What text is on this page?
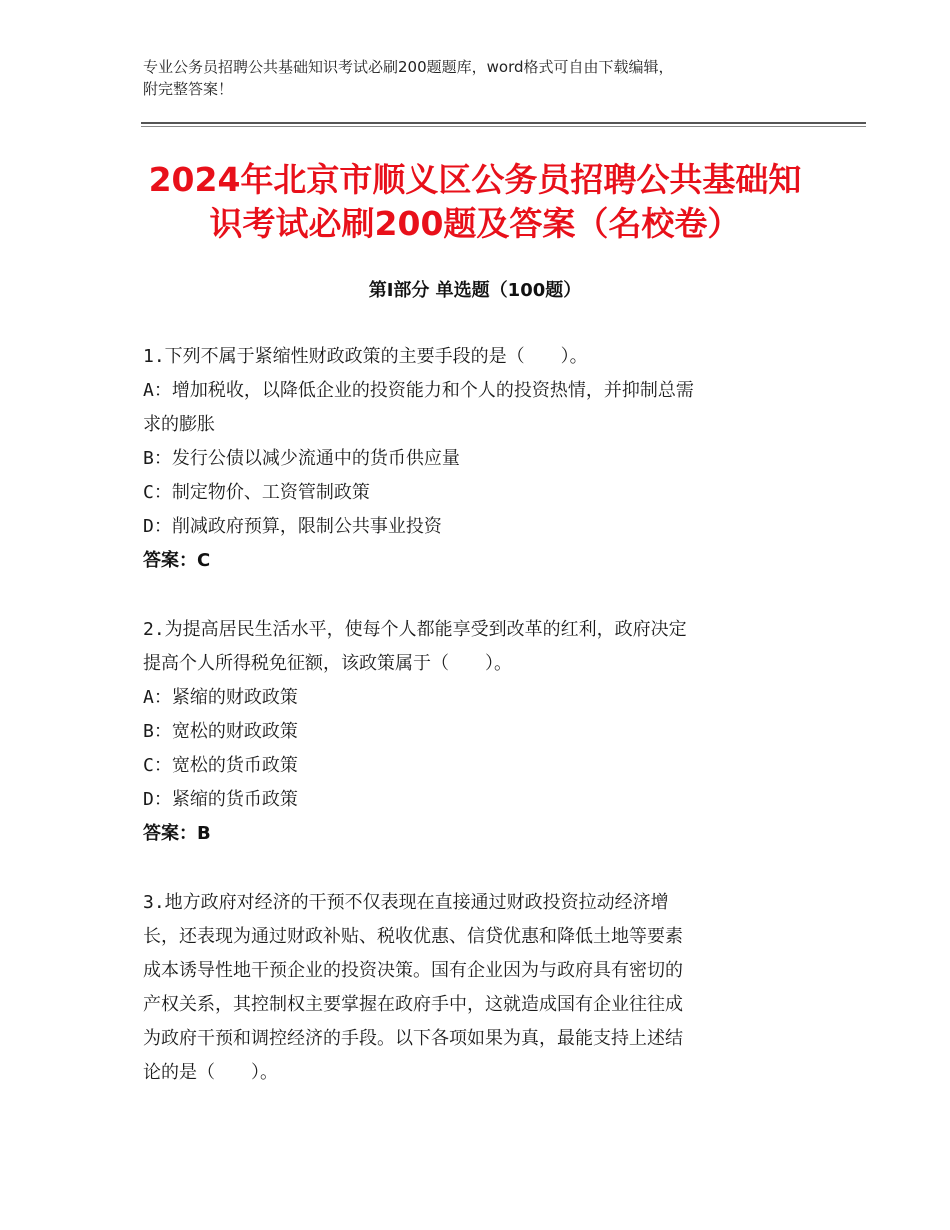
专业公务员招聘公共基础知识考试必刷200题题库，word格式可自由下载编辑，
附完整答案！
2024年北京市顺义区公务员招聘公共基础知
识考试必刷200题及答案（名校卷）
第Ⅰ部分 单选题（100题）
1.下列不属于紧缩性财政政策的主要手段的是（　　）。
A：增加税收，以降低企业的投资能力和个人的投资热情，并抑制总需
求的膨胀
B：发行公债以减少流通中的货币供应量
C：制定物价、工资管制政策
D：削减政府预算，限制公共事业投资
答案：C
2.为提高居民生活水平，使每个人都能享受到改革的红利，政府决定
提高个人所得税免征额，该政策属于（　　）。
A：紧缩的财政政策
B：宽松的财政政策
C：宽松的货币政策
D：紧缩的货币政策
答案：B
3.地方政府对经济的干预不仅表现在直接通过财政投资拉动经济增
长，还表现为通过财政补贴、税收优惠、信贷优惠和降低土地等要素
成本诱导性地干预企业的投资决策。国有企业因为与政府具有密切的
产权关系，其控制权主要掌握在政府手中，这就造成国有企业往往成
为政府干预和调控经济的手段。以下各项如果为真，最能支持上述结
论的是（　　）。
